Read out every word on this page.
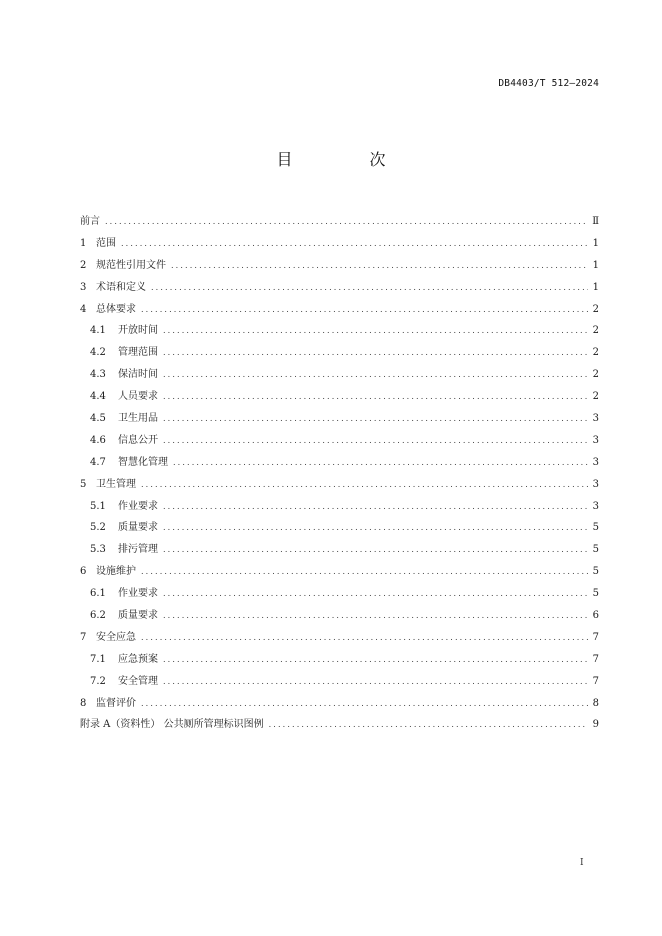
DB4403/T 512—2024
目 次
前言 . . .	Ⅱ
1 范围 . . .	1
2 规范性引用文件 . . .	1
3 术语和定义 . . .	1
4 总体要求 . . .	2
4.1	开放时间 . . .	2
4.2	管理范围 . . .	2
4.3	保洁时间 . . .	2
4.4	人员要求 . . .	2
4.5	卫生用品 . . .	3
4.6	信息公开 . . .	3
4.7	智慧化管理 . . .	3
5 卫生管理 . . .	3
5.1	作业要求 . . .	3
5.2	质量要求 . . .	5
5.3	排污管理 . . .	5
6 设施维护 . . .	5
6.1	作业要求 . . .	5
6.2	质量要求 . . .	6
7 安全应急 . . .	7
7.1	应急预案 . . .	7
7.2	安全管理 . . .	7
8 监督评价 . . .	8
附录 A（资料性） 公共厕所管理标识图例 . . .	9
I
